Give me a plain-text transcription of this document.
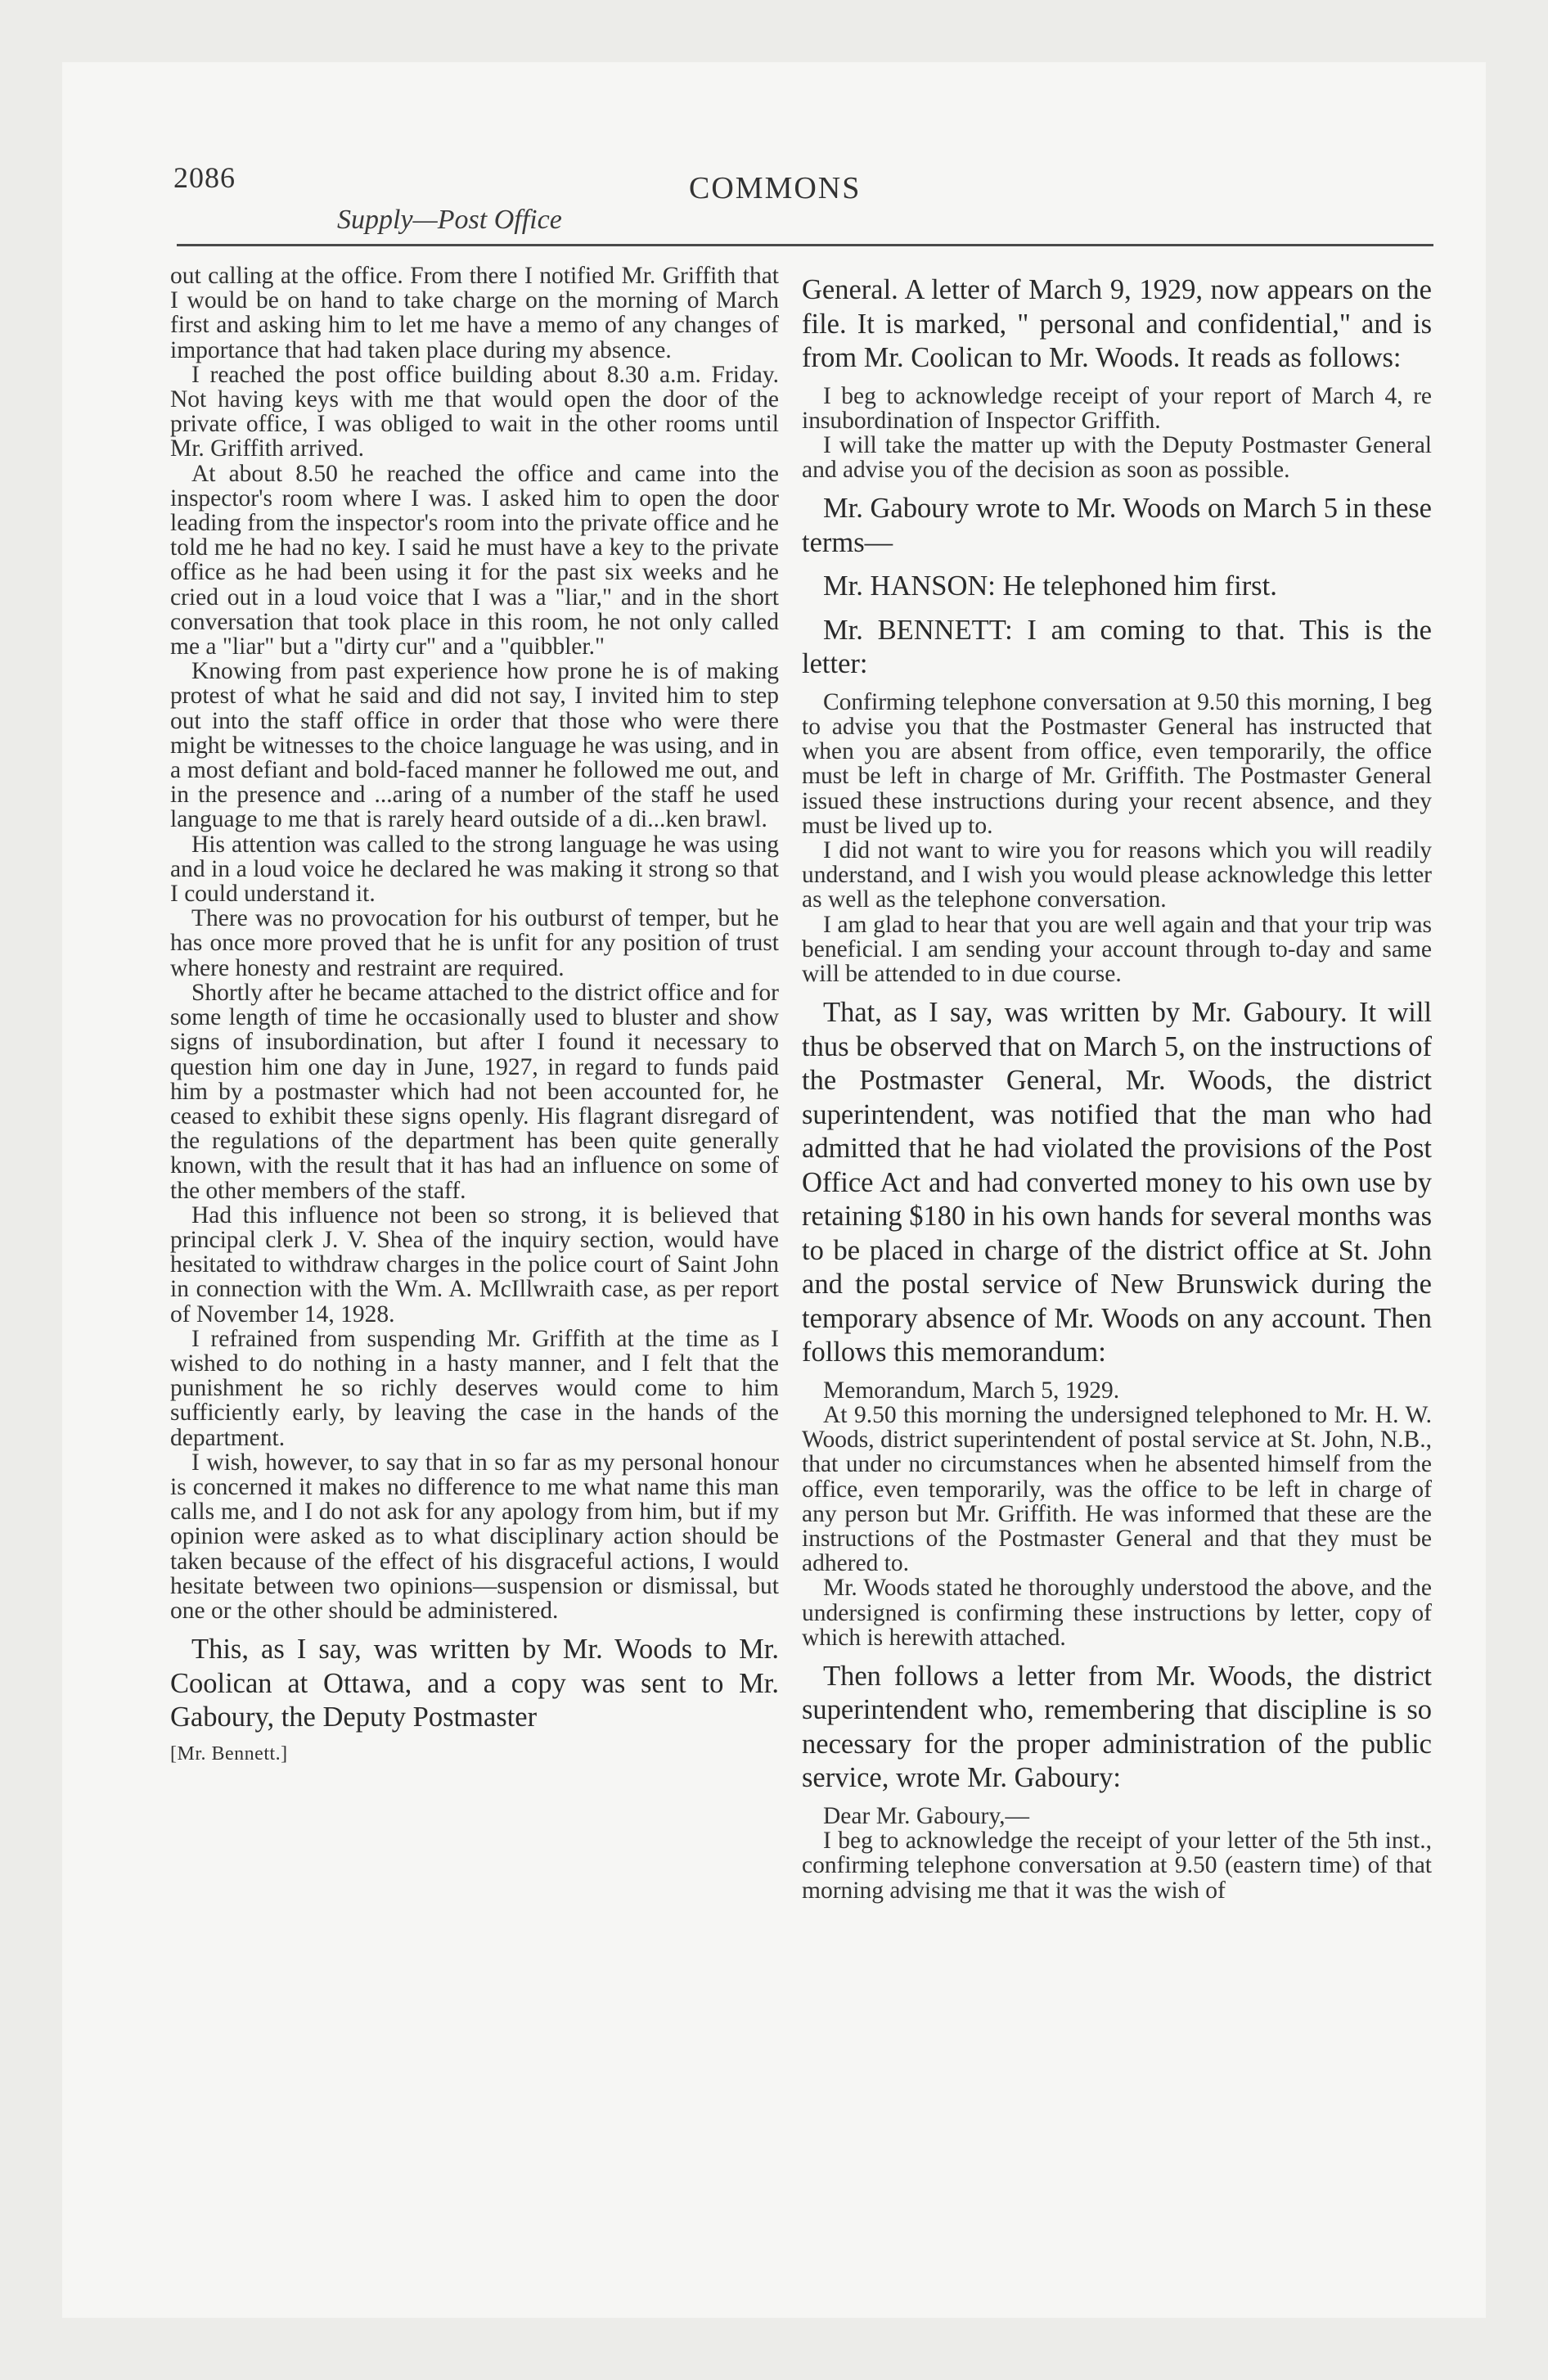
2086	COMMONS
Supply—Post Office

out calling at the office. From there I notified Mr. Griffith that I would be on hand to take charge on the morning of March first and asking him to let me have a memo of any changes of importance that had taken place during my absence.

I reached the post office building about 8.30 a.m. Friday. Not having keys with me that would open the door of the private office, I was obliged to wait in the other rooms until Mr. Griffith arrived.

At about 8.50 he reached the office and came into the inspector's room where I was. I asked him to open the door leading from the inspector's room into the private office and he told me he had no key. I said he must have a key to the private office as he had been using it for the past six weeks and he cried out in a loud voice that I was a "liar," and in the short conversation that took place in this room, he not only called me a "liar" but a "dirty cur" and a "quibbler."

Knowing from past experience how prone he is of making protest of what he said and did not say, I invited him to step out into the staff office in order that those who were there might be witnesses to the choice language he was using, and in a most defiant and bold-faced manner he followed me out, and in the presence and ...aring of a number of the staff he used language to me that is rarely heard outside of a di...ken brawl.

His attention was called to the strong language he was using and in a loud voice he declared he was making it strong so that I could understand it.

There was no provocation for his outburst of temper, but he has once more proved that he is unfit for any position of trust where honesty and restraint are required.

Shortly after he became attached to the district office and for some length of time he occasionally used to bluster and show signs of insubordination, but after I found it necessary to question him one day in June, 1927, in regard to funds paid him by a postmaster which had not been accounted for, he ceased to exhibit these signs openly. His flagrant disregard of the regulations of the department has been quite generally known, with the result that it has had an influence on some of the other members of the staff.

Had this influence not been so strong, it is believed that principal clerk J. V. Shea of the inquiry section, would have hesitated to withdraw charges in the police court of Saint John in connection with the Wm. A. McIllwraith case, as per report of November 14, 1928.

I refrained from suspending Mr. Griffith at the time as I wished to do nothing in a hasty manner, and I felt that the punishment he so richly deserves would come to him sufficiently early, by leaving the case in the hands of the department.

I wish, however, to say that in so far as my personal honour is concerned it makes no difference to me what name this man calls me, and I do not ask for any apology from him, but if my opinion were asked as to what disciplinary action should be taken because of the effect of his disgraceful actions, I would hesitate between two opinions—suspension or dismissal, but one or the other should be administered.

This, as I say, was written by Mr. Woods to Mr. Coolican at Ottawa, and a copy was sent to Mr. Gaboury, the Deputy Postmaster

[Mr. Bennett.]

General. A letter of March 9, 1929, now appears on the file. It is marked, " personal and confidential," and is from Mr. Coolican to Mr. Woods. It reads as follows:

I beg to acknowledge receipt of your report of March 4, re insubordination of Inspector Griffith.

I will take the matter up with the Deputy Postmaster General and advise you of the decision as soon as possible.

Mr. Gaboury wrote to Mr. Woods on March 5 in these terms—

Mr. HANSON: He telephoned him first.

Mr. BENNETT: I am coming to that. This is the letter:

Confirming telephone conversation at 9.50 this morning, I beg to advise you that the Postmaster General has instructed that when you are absent from office, even temporarily, the office must be left in charge of Mr. Griffith. The Postmaster General issued these instructions during your recent absence, and they must be lived up to.

I did not want to wire you for reasons which you will readily understand, and I wish you would please acknowledge this letter as well as the telephone conversation.

I am glad to hear that you are well again and that your trip was beneficial. I am sending your account through to-day and same will be attended to in due course.

That, as I say, was written by Mr. Gaboury. It will thus be observed that on March 5, on the instructions of the Postmaster General, Mr. Woods, the district superintendent, was notified that the man who had admitted that he had violated the provisions of the Post Office Act and had converted money to his own use by retaining $180 in his own hands for several months was to be placed in charge of the district office at St. John and the postal service of New Brunswick during the temporary absence of Mr. Woods on any account. Then follows this memorandum:

Memorandum, March 5, 1929.

At 9.50 this morning the undersigned telephoned to Mr. H. W. Woods, district superintendent of postal service at St. John, N.B., that under no circumstances when he absented himself from the office, even temporarily, was the office to be left in charge of any person but Mr. Griffith. He was informed that these are the instructions of the Postmaster General and that they must be adhered to.

Mr. Woods stated he thoroughly understood the above, and the undersigned is confirming these instructions by letter, copy of which is herewith attached.

Then follows a letter from Mr. Woods, the district superintendent who, remembering that discipline is so necessary for the proper administration of the public service, wrote Mr. Gaboury:

Dear Mr. Gaboury,—

I beg to acknowledge the receipt of your letter of the 5th inst., confirming telephone conversation at 9.50 (eastern time) of that morning advising me that it was the wish of
